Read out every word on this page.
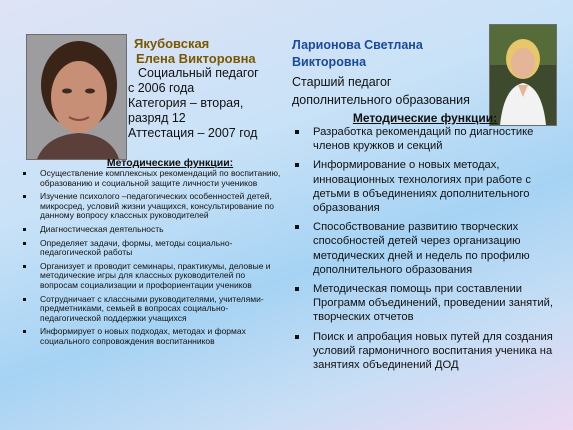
Якубовская
Елена Викторовна
Социальный педагог
с 2006 года
Категория – вторая,
разряд 12
Аттестация – 2007 год
Ларионова Светлана
Викторовна
Старший педагог
дополнительного образования
Методические функции:
Осуществление комплексных рекомендаций по воспитанию, образованию и социальной защите личности учеников
Изучение психолого –педагогических особенностей детей, микросред, условий жизни учащихся, консультирование по данному вопросу классных руководителей
Диагностическая деятельность
Определяет задачи, формы, методы социально-педагогической работы
Организует и проводит семинары, практикумы, деловые и методические игры для классных руководителей по вопросам социализации и профориентации учеников
Сотрудничает с классными руководителями, учителями-предметниками, семьей в вопросах социально-педагогической поддержки учащихся
Информирует о новых подходах, методах и формах социального сопровождения воспитанников
Методические функции:
Разработка рекомендаций по диагностике членов кружков и секций
Информирование о новых методах, инновационных технологиях при работе с детьми в объединениях дополнительного образования
Способствование развитию творческих способностей детей через организацию методических дней и недель по профилю дополнительного образования
Методическая помощь при составлении Программ объединений, проведении занятий, творческих отчетов
Поиск и апробация новых путей для создания условий гармоничного воспитания ученика на занятиях объединений ДОД
